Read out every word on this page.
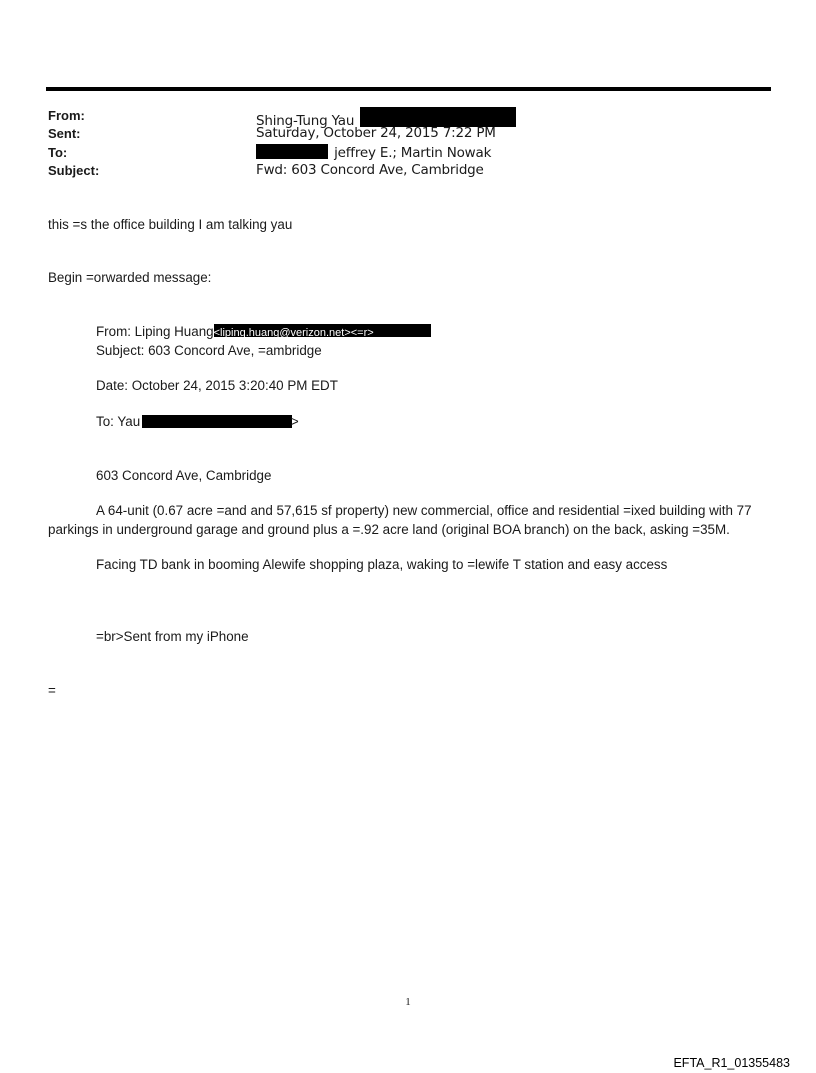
From:	Shing-Tung Yau
Sent:	Saturday, October 24, 2015 7:22 PM
To:	jeffrey E.; Martin Nowak
Subject:	Fwd: 603 Concord Ave, Cambridge
this =s the office building I am talking yau
Begin =orwarded message:
From: Liping Huang <liping.huang@verizon.net><=r>
Subject: 603 Concord Ave, =ambridge
Date: October 24, 2015 3:20:40 PM EDT
To: Yau	>
603 Concord Ave, Cambridge
A 64-unit (0.67 acre =and and 57,615 sf property) new commercial, office and residential =ixed building with 77 parkings in underground garage and ground plus a =.92 acre land (original BOA branch) on the back, asking =35M.
Facing TD bank in booming Alewife shopping plaza, waking to =lewife T station and easy access
=br>Sent from my iPhone
=
1
EFTA_R1_01355483
